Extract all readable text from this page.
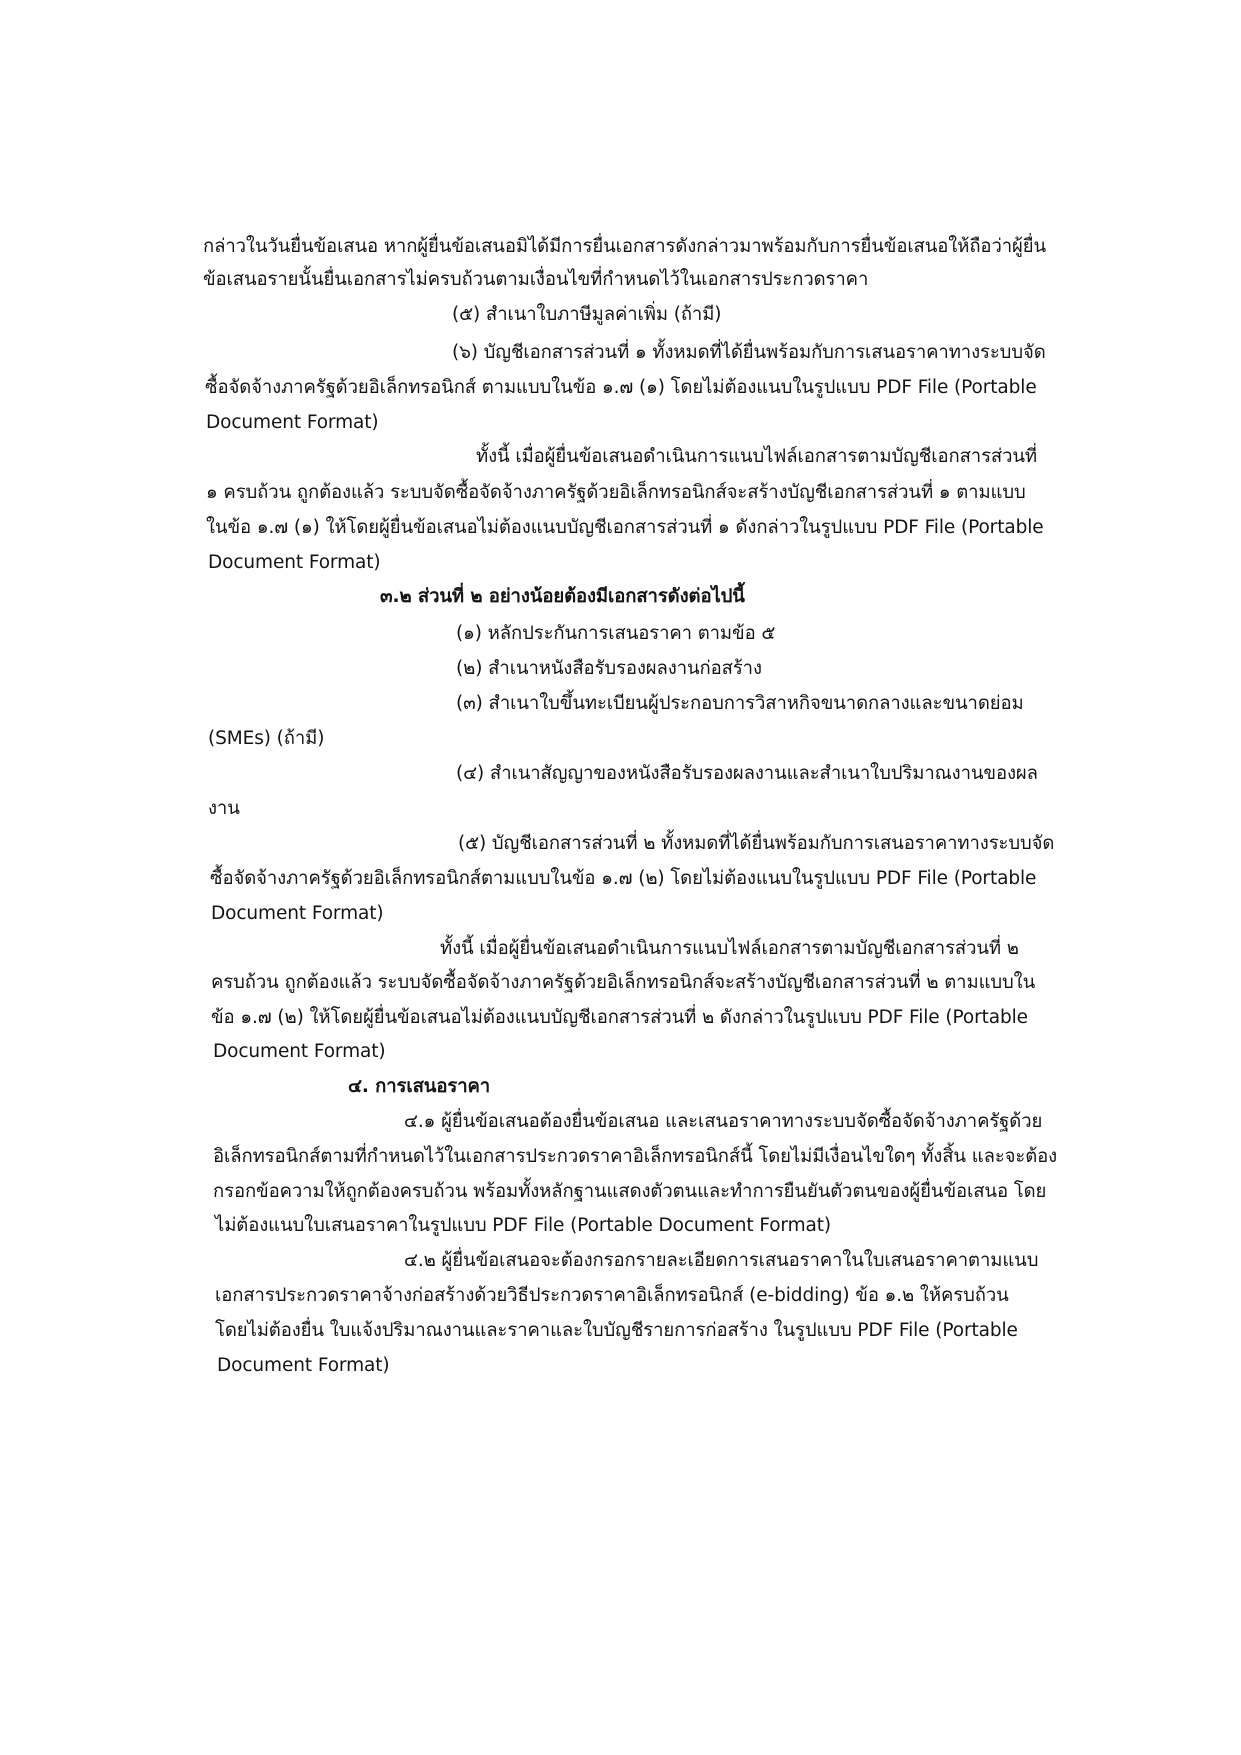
กล่าวในวันยื่นข้อเสนอ หากผู้ยื่นข้อเสนอมิได้มีการยื่นเอกสารดังกล่าวมาพร้อมกับการยื่นข้อเสนอให้ถือว่าผู้ยื่น
ข้อเสนอรายนั้นยื่นเอกสารไม่ครบถ้วนตามเงื่อนไขที่กำหนดไว้ในเอกสารประกวดราคา
(๕) สำเนาใบภาษีมูลค่าเพิ่ม (ถ้ามี)
(๖) บัญชีเอกสารส่วนที่ ๑ ทั้งหมดที่ได้ยื่นพร้อมกับการเสนอราคาทางระบบจัด
ซื้อจัดจ้างภาครัฐด้วยอิเล็กทรอนิกส์ ตามแบบในข้อ ๑.๗ (๑) โดยไม่ต้องแนบในรูปแบบ PDF File (Portable
Document Format)
ทั้งนี้ เมื่อผู้ยื่นข้อเสนอดำเนินการแนบไฟล์เอกสารตามบัญชีเอกสารส่วนที่
๑ ครบถ้วน ถูกต้องแล้ว ระบบจัดซื้อจัดจ้างภาครัฐด้วยอิเล็กทรอนิกส์จะสร้างบัญชีเอกสารส่วนที่ ๑ ตามแบบ
ในข้อ ๑.๗ (๑) ให้โดยผู้ยื่นข้อเสนอไม่ต้องแนบบัญชีเอกสารส่วนที่ ๑ ดังกล่าวในรูปแบบ PDF File (Portable
Document Format)
๓.๒ ส่วนที่ ๒ อย่างน้อยต้องมีเอกสารดังต่อไปนี้
(๑) หลักประกันการเสนอราคา ตามข้อ ๕
(๒) สำเนาหนังสือรับรองผลงานก่อสร้าง
(๓) สำเนาใบขึ้นทะเบียนผู้ประกอบการวิสาหกิจขนาดกลางและขนาดย่อม
(SMEs) (ถ้ามี)
(๔) สำเนาสัญญาของหนังสือรับรองผลงานและสำเนาใบปริมาณงานของผล
งาน
(๕) บัญชีเอกสารส่วนที่ ๒ ทั้งหมดที่ได้ยื่นพร้อมกับการเสนอราคาทางระบบจัด
ซื้อจัดจ้างภาครัฐด้วยอิเล็กทรอนิกส์ตามแบบในข้อ ๑.๗ (๒) โดยไม่ต้องแนบในรูปแบบ PDF File (Portable
Document Format)
ทั้งนี้ เมื่อผู้ยื่นข้อเสนอดำเนินการแนบไฟล์เอกสารตามบัญชีเอกสารส่วนที่ ๒
ครบถ้วน ถูกต้องแล้ว ระบบจัดซื้อจัดจ้างภาครัฐด้วยอิเล็กทรอนิกส์จะสร้างบัญชีเอกสารส่วนที่ ๒ ตามแบบใน
ข้อ ๑.๗ (๒) ให้โดยผู้ยื่นข้อเสนอไม่ต้องแนบบัญชีเอกสารส่วนที่ ๒ ดังกล่าวในรูปแบบ PDF File (Portable
Document Format)
๔. การเสนอราคา
๔.๑ ผู้ยื่นข้อเสนอต้องยื่นข้อเสนอ และเสนอราคาทางระบบจัดซื้อจัดจ้างภาครัฐด้วย
อิเล็กทรอนิกส์ตามที่กำหนดไว้ในเอกสารประกวดราคาอิเล็กทรอนิกส์นี้ โดยไม่มีเงื่อนไขใดๆ ทั้งสิ้น และจะต้อง
กรอกข้อความให้ถูกต้องครบถ้วน พร้อมทั้งหลักฐานแสดงตัวตนและทำการยืนยันตัวตนของผู้ยื่นข้อเสนอ โดย
ไม่ต้องแนบใบเสนอราคาในรูปแบบ PDF File (Portable Document Format)
๔.๒ ผู้ยื่นข้อเสนอจะต้องกรอกรายละเอียดการเสนอราคาในใบเสนอราคาตามแนบ
เอกสารประกวดราคาจ้างก่อสร้างด้วยวิธีประกวดราคาอิเล็กทรอนิกส์ (e-bidding) ข้อ ๑.๒ ให้ครบถ้วน
โดยไม่ต้องยื่น ใบแจ้งปริมาณงานและราคาและใบบัญชีรายการก่อสร้าง ในรูปแบบ PDF File (Portable
Document Format)
